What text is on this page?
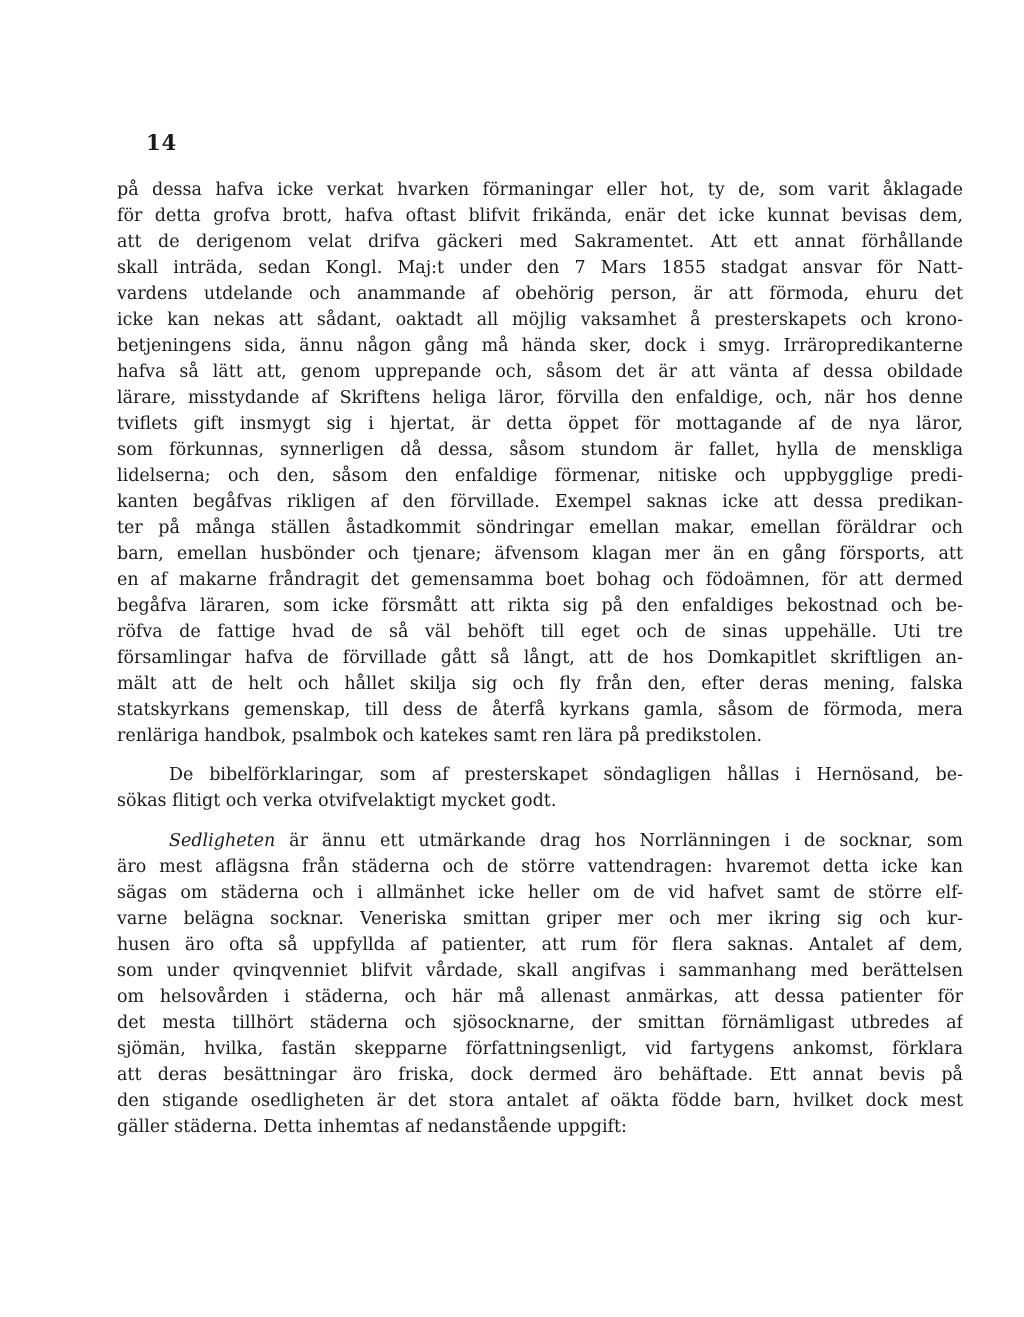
14
på dessa hafva icke verkat hvarken förmaningar eller hot, ty de, som varit åklagade
för detta grofva brott, hafva oftast blifvit frikända, enär det icke kunnat bevisas dem,
att de derigenom velat drifva gäckeri med Sakramentet. Att ett annat förhållande
skall inträda, sedan Kongl. Maj:t under den 7 Mars 1855 stadgat ansvar för Natt-
vardens utdelande och anammande af obehörig person, är att förmoda, ehuru det
icke kan nekas att sådant, oaktadt all möjlig vaksamhet å presterskapets och krono-
betjeningens sida, ännu någon gång må hända sker, dock i smyg. Irräropredikanterne
hafva så lätt att, genom upprepande och, såsom det är att vänta af dessa obildade
lärare, misstydande af Skriftens heliga läror, förvilla den enfaldige, och, när hos denne
tviflets gift insmygt sig i hjertat, är detta öppet för mottagande af de nya läror,
som förkunnas, synnerligen då dessa, såsom stundom är fallet, hylla de menskliga
lidelserna; och den, såsom den enfaldige förmenar, nitiske och uppbygglige predi-
kanten begåfvas rikligen af den förvillade. Exempel saknas icke att dessa predikan-
ter på många ställen åstadkommit söndringar emellan makar, emellan föräldrar och
barn, emellan husbönder och tjenare; äfvensom klagan mer än en gång försports, att
en af makarne fråndragit det gemensamma boet bohag och födoämnen, för att dermed
begåfva läraren, som icke försmått att rikta sig på den enfaldiges bekostnad och be-
röfva de fattige hvad de så väl behöft till eget och de sinas uppehälle. Uti tre
församlingar hafva de förvillade gått så långt, att de hos Domkapitlet skriftligen an-
mält att de helt och hållet skilja sig och fly från den, efter deras mening, falska
statskyrkans gemenskap, till dess de återfå kyrkans gamla, såsom de förmoda, mera
renläriga handbok, psalmbok och katekes samt ren lära på predikstolen.
De bibelförklaringar, som af presterskapet söndagligen hållas i Hernösand, be-
sökas flitigt och verka otvifvelaktigt mycket godt.
Sedligheten är ännu ett utmärkande drag hos Norrlänningen i de socknar, som
äro mest aflägsna från städerna och de större vattendragen: hvaremot detta icke kan
sägas om städerna och i allmänhet icke heller om de vid hafvet samt de större elf-
varne belägna socknar. Veneriska smittan griper mer och mer ikring sig och kur-
husen äro ofta så uppfyllda af patienter, att rum för flera saknas. Antalet af dem,
som under qvinqvenniet blifvit vårdade, skall angifvas i sammanhang med berättelsen
om helsovården i städerna, och här må allenast anmärkas, att dessa patienter för
det mesta tillhört städerna och sjösocknarne, der smittan förnämligast utbredes af
sjömän, hvilka, fastän skepparne författningsenligt, vid fartygens ankomst, förklara
att deras besättningar äro friska, dock dermed äro behäftade. Ett annat bevis på
den stigande osedligheten är det stora antalet af oäkta födde barn, hvilket dock mest
gäller städerna. Detta inhemtas af nedanstående uppgift:
